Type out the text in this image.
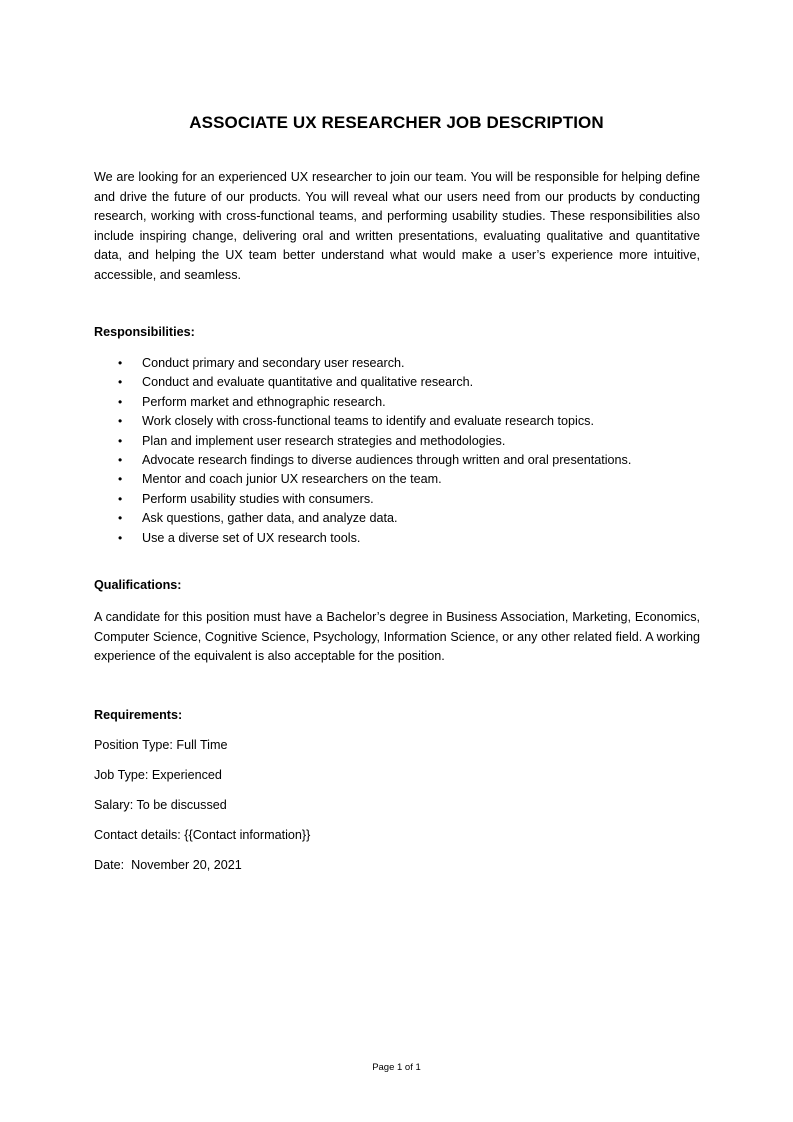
ASSOCIATE UX RESEARCHER JOB DESCRIPTION

We are looking for an experienced UX researcher to join our team. You will be responsible for helping define and drive the future of our products. You will reveal what our users need from our products by conducting research, working with cross-functional teams, and performing usability studies. These responsibilities also include inspiring change, delivering oral and written presentations, evaluating qualitative and quantitative data, and helping the UX team better understand what would make a user’s experience more intuitive, accessible, and seamless.

Responsibilities:

• Conduct primary and secondary user research.
• Conduct and evaluate quantitative and qualitative research.
• Perform market and ethnographic research.
• Work closely with cross-functional teams to identify and evaluate research topics.
• Plan and implement user research strategies and methodologies.
• Advocate research findings to diverse audiences through written and oral presentations.
• Mentor and coach junior UX researchers on the team.
• Perform usability studies with consumers.
• Ask questions, gather data, and analyze data.
• Use a diverse set of UX research tools.

Qualifications:

A candidate for this position must have a Bachelor’s degree in Business Association, Marketing, Economics, Computer Science, Cognitive Science, Psychology, Information Science, or any other related field. A working experience of the equivalent is also acceptable for the position.

Requirements:

Position Type: Full Time

Job Type: Experienced

Salary: To be discussed

Contact details: {{Contact information}}

Date:  November 20, 2021

Page 1 of 1
